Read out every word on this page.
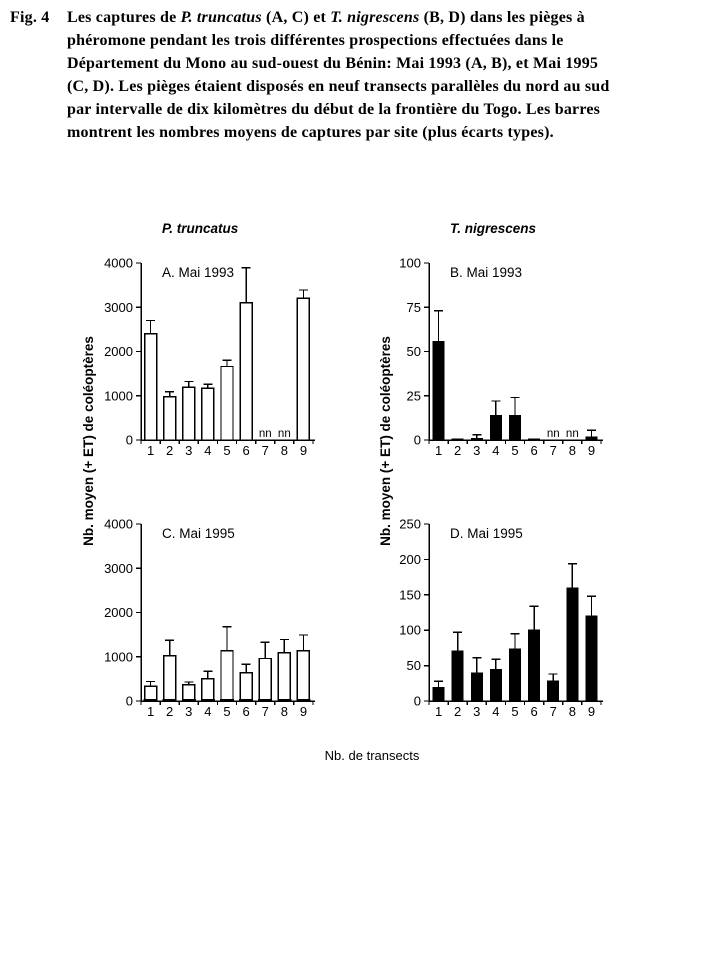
Fig. 4	Les captures de P. truncatus (A, C) et T. nigrescens (B, D) dans les pièges à
phéromone pendant les trois différentes prospections effectuées dans le
Département du Mono au sud-ouest du Bénin: Mai 1993 (A, B), et Mai 1995
(C, D). Les pièges étaient disposés en neuf transects parallèles du nord au sud
par intervalle de dix kilomètres du début de la frontière du Togo. Les barres
montrent les nombres moyens de captures par site (plus écarts types).
0
1000
2000
3000
4000
1 2 3 4 5 6 7 8 9
nn nn
A. Mai 1993
P. truncatus
0
25
50
75
100
1 2 3 4 5 6 7 8 9
nn nn
B. Mai 1993
T. nigrescens
0
1000
2000
3000
4000
1 2 3 4 5 6 7 8 9
C. Mai 1995
0
50
100
150
200
250
1 2 3 4 5 6 7 8 9
D. Mai 1995
Nb. moyen (+ ET) de coléoptères	Nb. moyen (+ ET) de coléoptères
Nb. de transects
